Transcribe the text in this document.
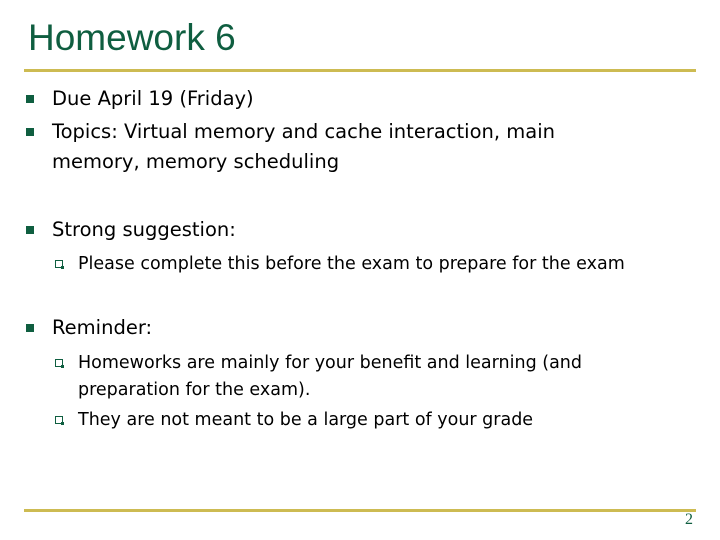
Homework 6
Due April 19 (Friday)
Topics: Virtual memory and cache interaction, main memory, memory scheduling
Strong suggestion:
Please complete this before the exam to prepare for the exam
Reminder:
Homeworks are mainly for your benefit and learning (and preparation for the exam).
They are not meant to be a large part of your grade
2
